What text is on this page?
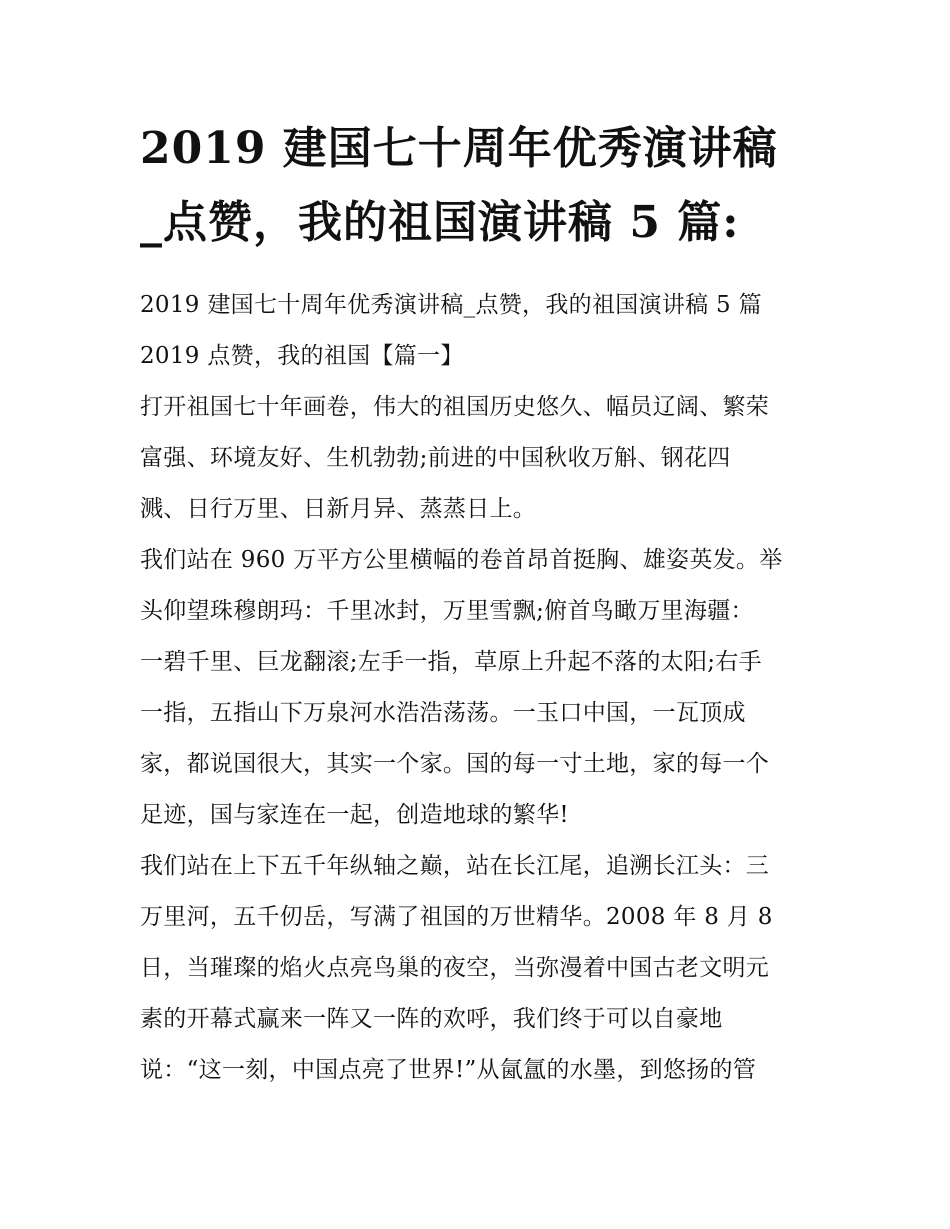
2019 建国七十周年优秀演讲稿
_点赞，我的祖国演讲稿 5 篇:
2019 建国七十周年优秀演讲稿_点赞，我的祖国演讲稿 5 篇
2019 点赞，我的祖国【篇一】
打开祖国七十年画卷，伟大的祖国历史悠久、幅员辽阔、繁荣
富强、环境友好、生机勃勃;前进的中国秋收万斛、钢花四
溅、日行万里、日新月异、蒸蒸日上。
我们站在 960 万平方公里横幅的卷首昂首挺胸、雄姿英发。举
头仰望珠穆朗玛：千里冰封，万里雪飘;俯首鸟瞰万里海疆：
一碧千里、巨龙翻滚;左手一指，草原上升起不落的太阳;右手
一指，五指山下万泉河水浩浩荡荡。一玉口中国，一瓦顶成
家，都说国很大，其实一个家。国的每一寸土地，家的每一个
足迹，国与家连在一起，创造地球的繁华!
我们站在上下五千年纵轴之巅，站在长江尾，追溯长江头：三
万里河，五千仞岳，写满了祖国的万世精华。2008 年 8 月 8
日，当璀璨的焰火点亮鸟巢的夜空，当弥漫着中国古老文明元
素的开幕式赢来一阵又一阵的欢呼，我们终于可以自豪地
说：“这一刻，中国点亮了世界!”从氤氲的水墨，到悠扬的管
